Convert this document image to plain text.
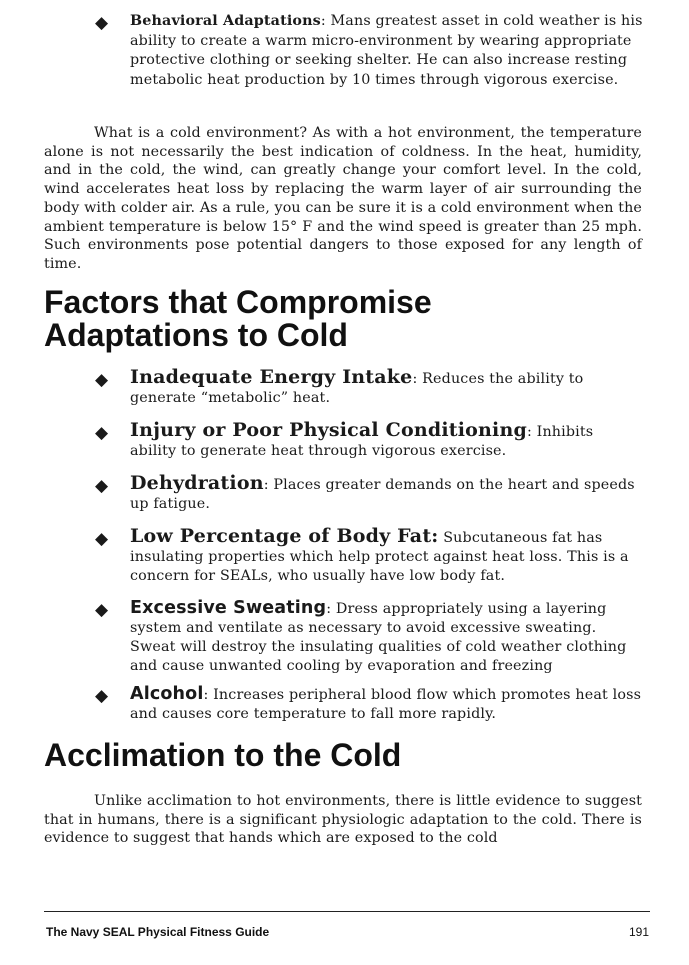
◆ Behavioral Adaptations: Mans greatest asset in cold weather is his ability to create a warm micro-environment by wearing appropriate protective clothing or seeking shelter. He can also increase resting metabolic heat production by 10 times through vigorous exercise.
What is a cold environment? As with a hot environment, the temperature alone is not necessarily the best indication of coldness. In the heat, humidity, and in the cold, the wind, can greatly change your comfort level. In the cold, wind accelerates heat loss by replacing the warm layer of air surrounding the body with colder air. As a rule, you can be sure it is a cold environment when the ambient temperature is below 15° F and the wind speed is greater than 25 mph. Such environments pose potential dangers to those exposed for any length of time.
Factors that Compromise
Adaptations to Cold
◆ Inadequate Energy Intake: Reduces the ability to generate “metabolic” heat.
◆ Injury or Poor Physical Conditioning: Inhibits ability to generate heat through vigorous exercise.
◆ Dehydration: Places greater demands on the heart and speeds up fatigue.
◆ Low Percentage of Body Fat: Subcutaneous fat has insulating properties which help protect against heat loss. This is a concern for SEALs, who usually have low body fat.
◆ Excessive Sweating: Dress appropriately using a layering system and ventilate as necessary to avoid excessive sweating. Sweat will destroy the insulating qualities of cold weather clothing and cause unwanted cooling by evaporation and freezing
◆ Alcohol: Increases peripheral blood flow which promotes heat loss and causes core temperature to fall more rapidly.
Acclimation to the Cold
Unlike acclimation to hot environments, there is little evidence to suggest that in humans, there is a significant physiologic adaptation to the cold. There is evidence to suggest that hands which are exposed to the cold
The Navy SEAL Physical Fitness Guide	191
